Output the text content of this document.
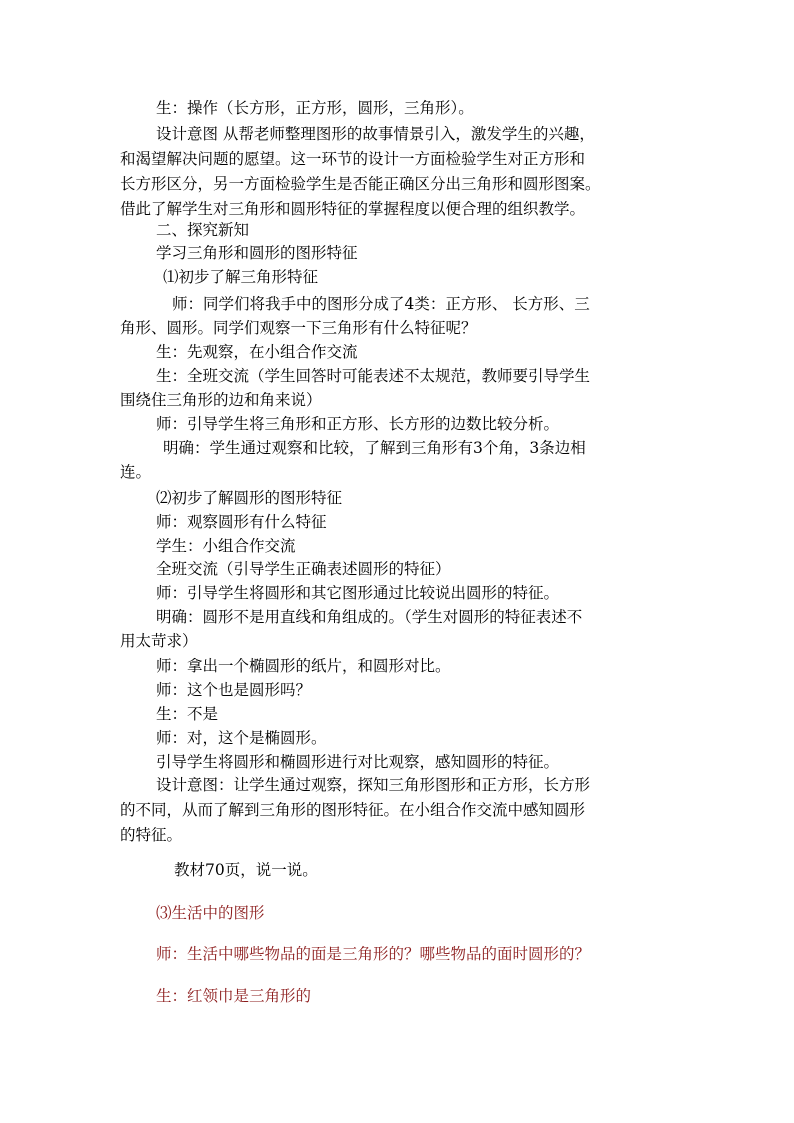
生：操作（长方形，正方形，圆形，三角形）。
设计意图 从帮老师整理图形的故事情景引入，激发学生的兴趣，
和渴望解决问题的愿望。这一环节的设计一方面检验学生对正方形和
长方形区分，另一方面检验学生是否能正确区分出三角形和圆形图案。
借此了解学生对三角形和圆形特征的掌握程度以便合理的组织教学。
二、探究新知
学习三角形和圆形的图形特征
⑴初步了解三角形特征
师：同学们将我手中的图形分成了4类：正方形、 长方形、三
角形、圆形。同学们观察一下三角形有什么特征呢？
生：先观察，在小组合作交流
生：全班交流（学生回答时可能表述不太规范，教师要引导学生
围绕住三角形的边和角来说）
师：引导学生将三角形和正方形、长方形的边数比较分析。
明确：学生通过观察和比较，了解到三角形有3个角，3条边相
连。
⑵初步了解圆形的图形特征
师：观察圆形有什么特征
学生：小组合作交流
全班交流（引导学生正确表述圆形的特征）
师：引导学生将圆形和其它图形通过比较说出圆形的特征。
明确：圆形不是用直线和角组成的。（学生对圆形的特征表述不
用太苛求）
师：拿出一个椭圆形的纸片，和圆形对比。
师：这个也是圆形吗？
生：不是
师：对，这个是椭圆形。
引导学生将圆形和椭圆形进行对比观察，感知圆形的特征。
设计意图：让学生通过观察，探知三角形图形和正方形，长方形
的不同，从而了解到三角形的图形特征。在小组合作交流中感知圆形
的特征。
教材70页，说一说。
⑶生活中的图形
师：生活中哪些物品的面是三角形的？哪些物品的面时圆形的？
生：红领巾是三角形的
